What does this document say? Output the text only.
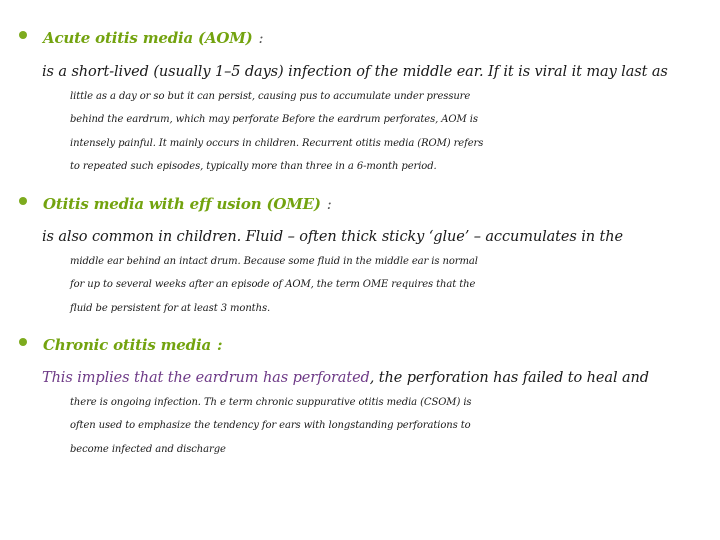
Acute otitis media (AOM) :
is a short-lived (usually 1–5 days) infection of the middle ear. If it is viral it may last as
little as a day or so but it can persist, causing pus to accumulate under pressure
behind the eardrum, which may perforate Before the eardrum perforates, AOM is
intensely painful. It mainly occurs in children. Recurrent otitis media (ROM) refers
to repeated such episodes, typically more than three in a 6-month period.
Otitis media with eff usion (OME) :
is also common in children. Fluid – often thick sticky ‘glue’ – accumulates in the
middle ear behind an intact drum. Because some fluid in the middle ear is normal
for up to several weeks after an episode of AOM, the term OME requires that the
fluid be persistent for at least 3 months.
Chronic otitis media :
This implies that the eardrum has perforated, the perforation has failed to heal and
there is ongoing infection. Th e term chronic suppurative otitis media (CSOM) is
often used to emphasize the tendency for ears with longstanding perforations to
become infected and discharge
